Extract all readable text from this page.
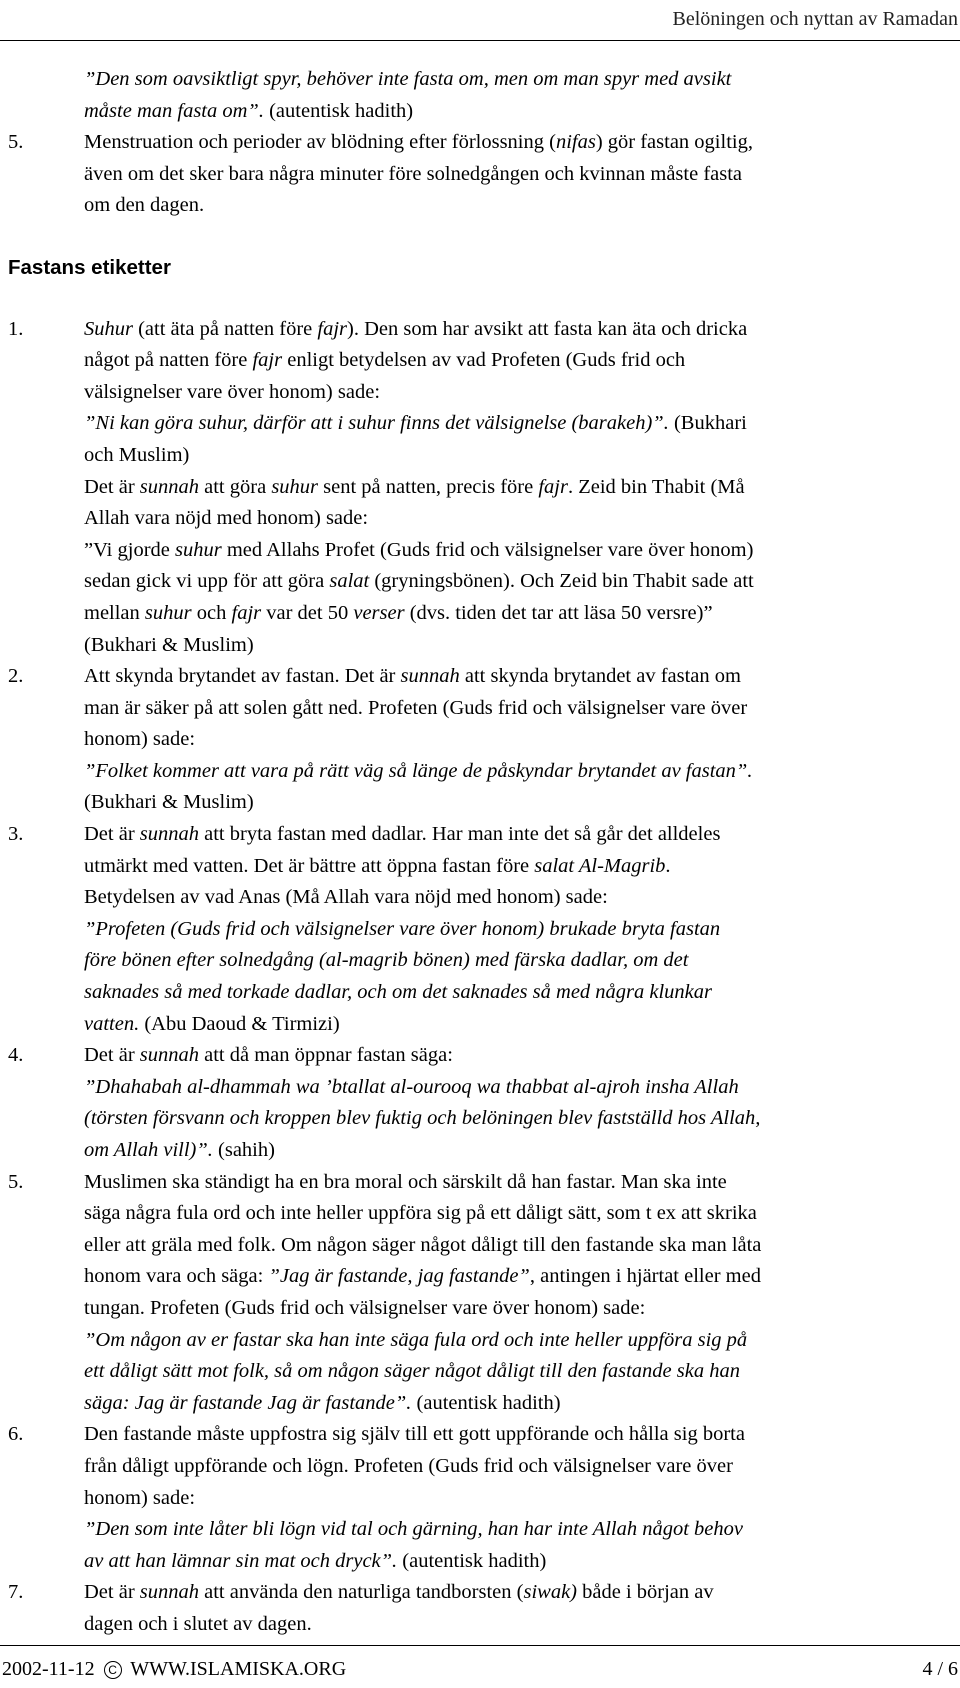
Belöningen och nyttan av Ramadan
”Den som oavsiktligt spyr, behöver inte fasta om, men om man spyr med avsikt
måste man fasta om”. (autentisk hadith)
5.	Menstruation och perioder av blödning efter förlossning (nifas) gör fastan ogiltig,
även om det sker bara några minuter före solnedgången och kvinnan måste fasta
om den dagen.
Fastans etiketter
1.	Suhur (att äta på natten före fajr). Den som har avsikt att fasta kan äta och dricka
något på natten före fajr enligt betydelsen av vad Profeten (Guds frid och
välsignelser vare över honom) sade:
”Ni kan göra suhur, därför att i suhur finns det välsignelse (barakeh)”. (Bukhari
och Muslim)
Det är sunnah att göra suhur sent på natten, precis före fajr. Zeid bin Thabit (Må
Allah vara nöjd med honom) sade:
”Vi gjorde suhur med Allahs Profet (Guds frid och välsignelser vare över honom)
sedan gick vi upp för att göra salat (gryningsbönen). Och Zeid bin Thabit sade att
mellan suhur och fajr var det 50 verser (dvs. tiden det tar att läsa 50 versre)”
(Bukhari & Muslim)
2.	Att skynda brytandet av fastan. Det är sunnah att skynda brytandet av fastan om
man är säker på att solen gått ned. Profeten (Guds frid och välsignelser vare över
honom) sade:
”Folket kommer att vara på rätt väg så länge de påskyndar brytandet av fastan”.
(Bukhari & Muslim)
3.	Det är sunnah att bryta fastan med dadlar. Har man inte det så går det alldeles
utmärkt med vatten. Det är bättre att öppna fastan före salat Al-Magrib.
Betydelsen av vad Anas (Må Allah vara nöjd med honom) sade:
”Profeten (Guds frid och välsignelser vare över honom) brukade bryta fastan
före bönen efter solnedgång (al-magrib bönen) med färska dadlar, om det
saknades så med torkade dadlar, och om det saknades så med några klunkar
vatten. (Abu Daoud & Tirmizi)
4.	Det är sunnah att då man öppnar fastan säga:
”Dhahabah al-dhammah wa ’btallat al-ourooq wa thabbat al-ajroh insha Allah
(törsten försvann och kroppen blev fuktig och belöningen blev fastställd hos Allah,
om Allah vill)”. (sahih)
5.	Muslimen ska ständigt ha en bra moral och särskilt då han fastar. Man ska inte
säga några fula ord och inte heller uppföra sig på ett dåligt sätt, som t ex att skrika
eller att gräla med folk. Om någon säger något dåligt till den fastande ska man låta
honom vara och säga: ”Jag är fastande, jag fastande”, antingen i hjärtat eller med
tungan. Profeten (Guds frid och välsignelser vare över honom) sade:
”Om någon av er fastar ska han inte säga fula ord och inte heller uppföra sig på
ett dåligt sätt mot folk, så om någon säger något dåligt till den fastande ska han
säga: Jag är fastande Jag är fastande”. (autentisk hadith)
6.	Den fastande måste uppfostra sig själv till ett gott uppförande och hålla sig borta
från dåligt uppförande och lögn. Profeten (Guds frid och välsignelser vare över
honom) sade:
”Den som inte låter bli lögn vid tal och gärning, han har inte Allah något behov
av att han lämnar sin mat och dryck”. (autentisk hadith)
7.	Det är sunnah att använda den naturliga tandborsten (siwak) både i början av
dagen och i slutet av dagen.
2002-11-12 C WWW.ISLAMISKA.ORG	4 / 6
